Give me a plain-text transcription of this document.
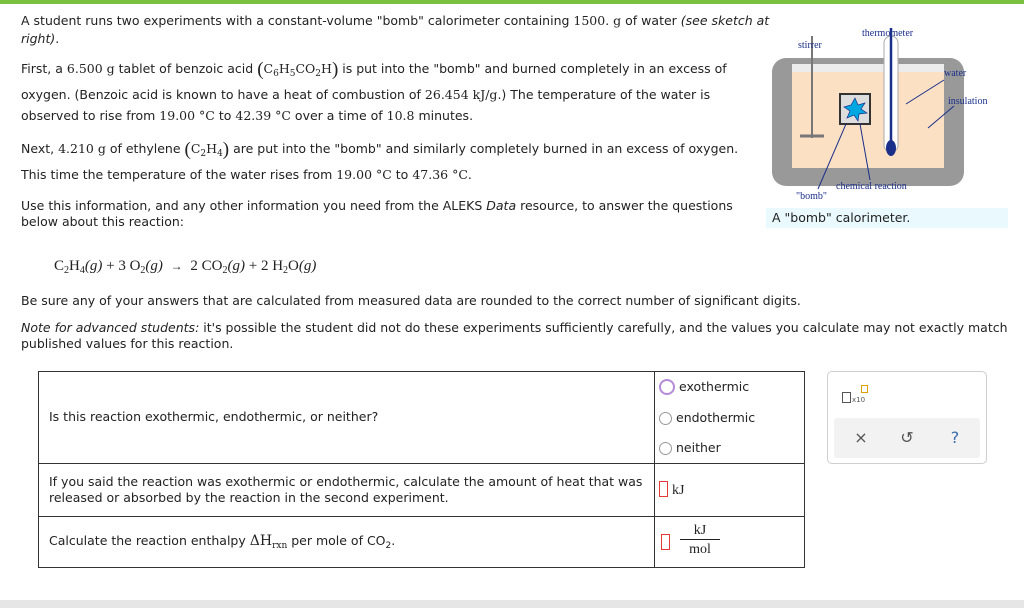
A student runs two experiments with a constant-volume "bomb" calorimeter containing 1500. g of water (see sketch at
right).
First, a 6.500 g tablet of benzoic acid $(C_6H_5CO_2H)$ is put into the "bomb" and burned completely in an excess of
oxygen. (Benzoic acid is known to have a heat of combustion of 26.454 kJ/g.) The temperature of the water is
observed to rise from 19.00 °C to 42.39 °C over a time of 10.8 minutes.
Next, 4.210 g of ethylene $(C_2H_4)$ are put into the "bomb" and similarly completely burned in an excess of oxygen.
This time the temperature of the water rises from 19.00 °C to 47.36 °C.
Use this information, and any other information you need from the ALEKS Data resource, to answer the questions
below about this reaction:
thermometer
stirrer
water
insulation
chemical reaction
"bomb"
A "bomb" calorimeter.
$C_2H_4(g) + 3$ $O_2(g) \to 2$ $CO_2(g) + 2$ $H_2O(g)$
Be sure any of your answers that are calculated from measured data are rounded to the correct number of significant digits.
Note for advanced students: it's possible the student did not do these experiments sufficiently carefully, and the values you calculate may not exactly match
published values for this reaction.
Is this reaction exothermic, endothermic, or neither?
exothermic
endothermic
neither
If you said the reaction was exothermic or endothermic, calculate the amount of heat that was
released or absorbed by the reaction in the second experiment.	kJ
Calculate the reaction enthalpy $\Delta H_{rxn}$ per mole of $CO_2$.
kJ
mol
x10
× ↺	?
